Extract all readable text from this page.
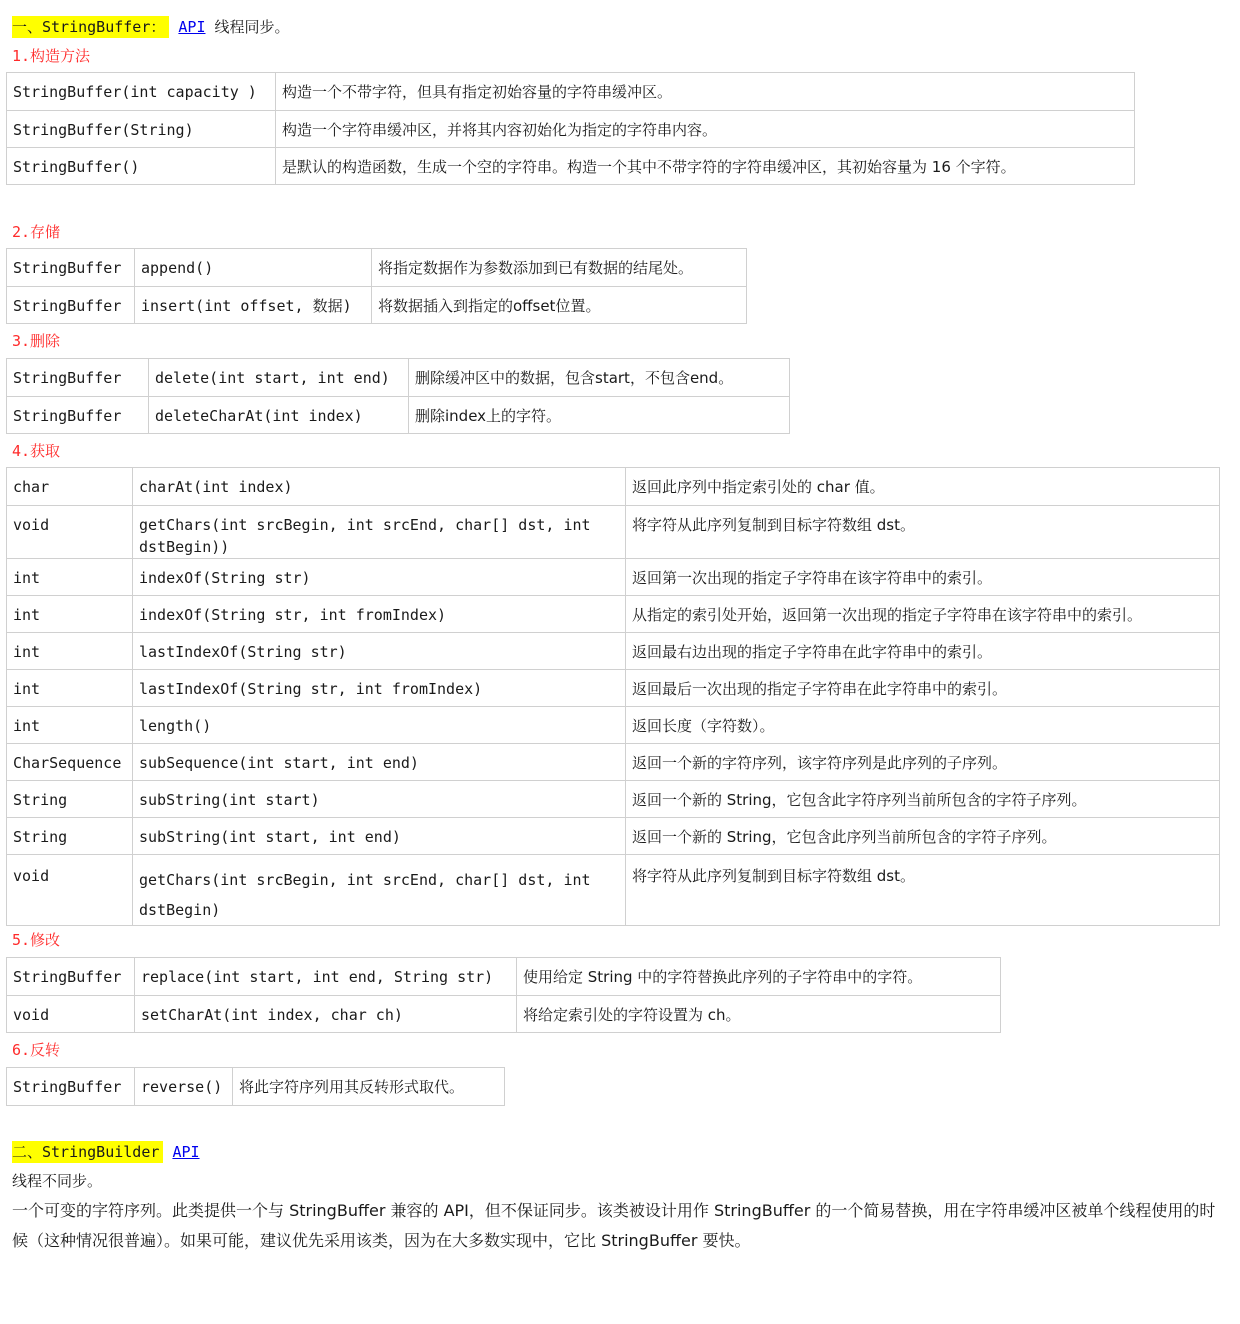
一、StringBuffer： API 线程同步。
1.构造方法
StringBuffer(int capacity )	构造一个不带字符，但具有指定初始容量的字符串缓冲区。
StringBuffer(String)	构造一个字符串缓冲区，并将其内容初始化为指定的字符串内容。
StringBuffer()	是默认的构造函数，生成一个空的字符串。构造一个其中不带字符的字符串缓冲区，其初始容量为 16 个字符。
2.存储
StringBuffer	append()	将指定数据作为参数添加到已有数据的结尾处。
StringBuffer	insert(int offset, 数据)	将数据插入到指定的offset位置。
3.删除
StringBuffer	delete(int start, int end)	删除缓冲区中的数据，包含start，不包含end。
StringBuffer	deleteCharAt(int index)	删除index上的字符。
4.获取
char	charAt(int index)	返回此序列中指定索引处的 char 值。
void	getChars(int srcBegin, int srcEnd, char[] dst, int dstBegin))	将字符从此序列复制到目标字符数组 dst。
int	indexOf(String str)	返回第一次出现的指定子字符串在该字符串中的索引。
int	indexOf(String str, int fromIndex)	从指定的索引处开始，返回第一次出现的指定子字符串在该字符串中的索引。
int	lastIndexOf(String str)	返回最右边出现的指定子字符串在此字符串中的索引。
int	lastIndexOf(String str, int fromIndex)	返回最后一次出现的指定子字符串在此字符串中的索引。
int	length()	返回长度（字符数）。
CharSequence	subSequence(int start, int end)	返回一个新的字符序列，该字符序列是此序列的子序列。
String	subString(int start)	返回一个新的 String，它包含此字符序列当前所包含的字符子序列。
String	subString(int start, int end)	返回一个新的 String，它包含此序列当前所包含的字符子序列。
void	getChars(int srcBegin, int srcEnd, char[] dst, int dstBegin)	将字符从此序列复制到目标字符数组 dst。
5.修改
StringBuffer	replace(int start, int end, String str)	使用给定 String 中的字符替换此序列的子字符串中的字符。
void	setCharAt(int index, char ch)	将给定索引处的字符设置为 ch。
6.反转
StringBuffer	reverse()	将此字符序列用其反转形式取代。
二、StringBuilder API
线程不同步。
一个可变的字符序列。此类提供一个与 StringBuffer 兼容的 API，但不保证同步。该类被设计用作 StringBuffer 的一个简易替换，用在字符串缓冲区被单个线程使用的时候（这种情况很普遍）。如果可能，建议优先采用该类，因为在大多数实现中，它比 StringBuffer 要快。
